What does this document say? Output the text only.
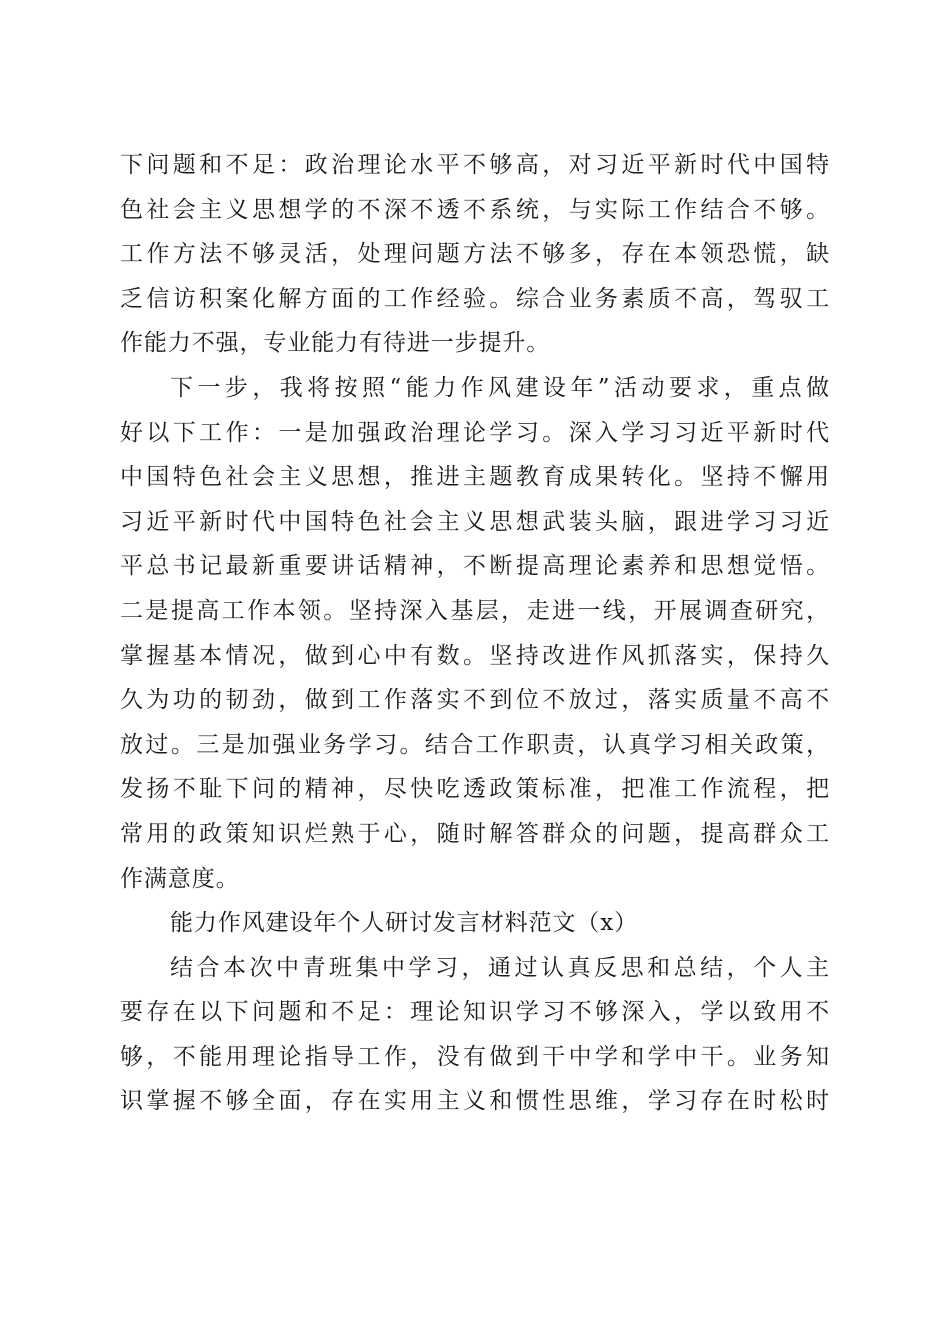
下问题和不足：政治理论水平不够高，对习近平新时代中国特
色社会主义思想学的不深不透不系统，与实际工作结合不够。
工作方法不够灵活，处理问题方法不够多，存在本领恐慌，缺
乏信访积案化解方面的工作经验。综合业务素质不高，驾驭工
作能力不强，专业能力有待进一步提升。
下一步，我将按照“能力作风建设年”活动要求，重点做
好以下工作：一是加强政治理论学习。深入学习习近平新时代
中国特色社会主义思想，推进主题教育成果转化。坚持不懈用
习近平新时代中国特色社会主义思想武装头脑，跟进学习习近
平总书记最新重要讲话精神，不断提高理论素养和思想觉悟。
二是提高工作本领。坚持深入基层，走进一线，开展调查研究，
掌握基本情况，做到心中有数。坚持改进作风抓落实，保持久
久为功的韧劲，做到工作落实不到位不放过，落实质量不高不
放过。三是加强业务学习。结合工作职责，认真学习相关政策，
发扬不耻下问的精神，尽快吃透政策标准，把准工作流程，把
常用的政策知识烂熟于心，随时解答群众的问题，提高群众工
作满意度。
能力作风建设年个人研讨发言材料范文（x）
结合本次中青班集中学习，通过认真反思和总结，个人主
要存在以下问题和不足：理论知识学习不够深入，学以致用不
够，不能用理论指导工作，没有做到干中学和学中干。业务知
识掌握不够全面，存在实用主义和惯性思维，学习存在时松时
